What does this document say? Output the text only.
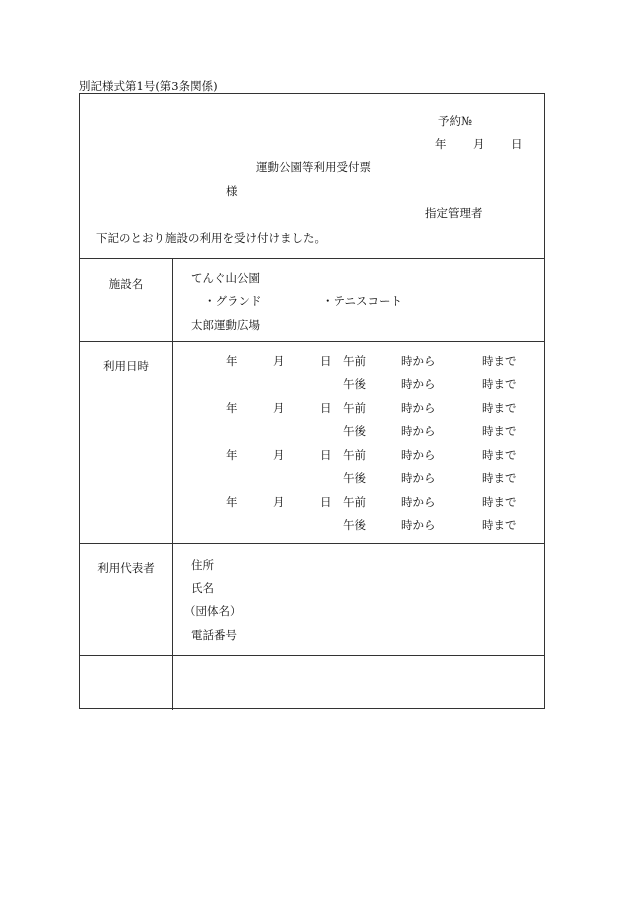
別記様式第1号(第3条関係)
予約№
年 月 日
運動公園等利用受付票
様
指定管理者
下記のとおり施設の利用を受け付けました。
施設名	てんぐ山公園
・グランド	・テニスコート
太郎運動広場
利用日時	年	月	日 午前	時から	時まで
午後	時から	時まで
年	月	日 午前	時から	時まで
午後	時から	時まで
年	月	日 午前	時から	時まで
午後	時から	時まで
年	月	日 午前	時から	時まで
午後	時から	時まで
利用代表者	住所
氏名
（団体名）
電話番号
